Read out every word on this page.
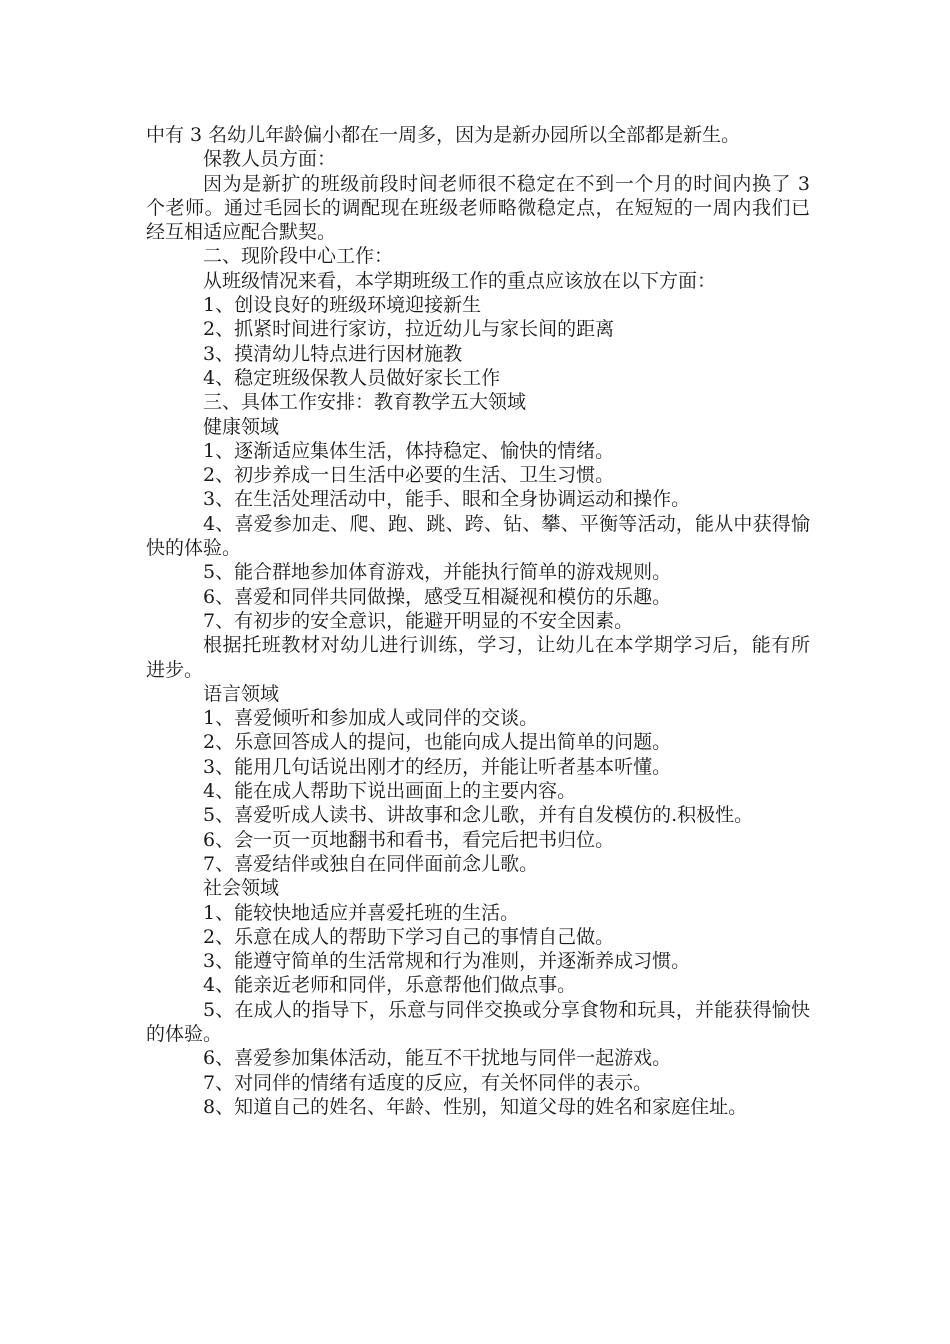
中有 3 名幼儿年龄偏小都在一周多，因为是新办园所以全部都是新生。

保教人员方面：

因为是新扩的班级前段时间老师很不稳定在不到一个月的时间内换了 3 个老师。通过毛园长的调配现在班级老师略微稳定点，在短短的一周内我们已经互相适应配合默契。

二、现阶段中心工作：

从班级情况来看，本学期班级工作的重点应该放在以下方面：

1、创设良好的班级环境迎接新生

2、抓紧时间进行家访，拉近幼儿与家长间的距离

3、摸清幼儿特点进行因材施教

4、稳定班级保教人员做好家长工作

三、具体工作安排：教育教学五大领域

健康领域

1、逐渐适应集体生活，体持稳定、愉快的情绪。

2、初步养成一日生活中必要的生活、卫生习惯。

3、在生活处理活动中，能手、眼和全身协调运动和操作。

4、喜爱参加走、爬、跑、跳、跨、钻、攀、平衡等活动，能从中获得愉快的体验。

5、能合群地参加体育游戏，并能执行简单的游戏规则。

6、喜爱和同伴共同做操，感受互相凝视和模仿的乐趣。

7、有初步的安全意识，能避开明显的不安全因素。

根据托班教材对幼儿进行训练，学习，让幼儿在本学期学习后，能有所进步。

语言领域

1、喜爱倾听和参加成人或同伴的交谈。

2、乐意回答成人的提问，也能向成人提出简单的问题。

3、能用几句话说出刚才的经历，并能让听者基本听懂。

4、能在成人帮助下说出画面上的主要内容。

5、喜爱听成人读书、讲故事和念儿歌，并有自发模仿的.积极性。

6、会一页一页地翻书和看书，看完后把书归位。

7、喜爱结伴或独自在同伴面前念儿歌。

社会领域

1、能较快地适应并喜爱托班的生活。

2、乐意在成人的帮助下学习自己的事情自己做。

3、能遵守简单的生活常规和行为准则，并逐渐养成习惯。

4、能亲近老师和同伴，乐意帮他们做点事。

5、在成人的指导下，乐意与同伴交换或分享食物和玩具，并能获得愉快的体验。

6、喜爱参加集体活动，能互不干扰地与同伴一起游戏。

7、对同伴的情绪有适度的反应，有关怀同伴的表示。

8、知道自己的姓名、年龄、性别，知道父母的姓名和家庭住址。
